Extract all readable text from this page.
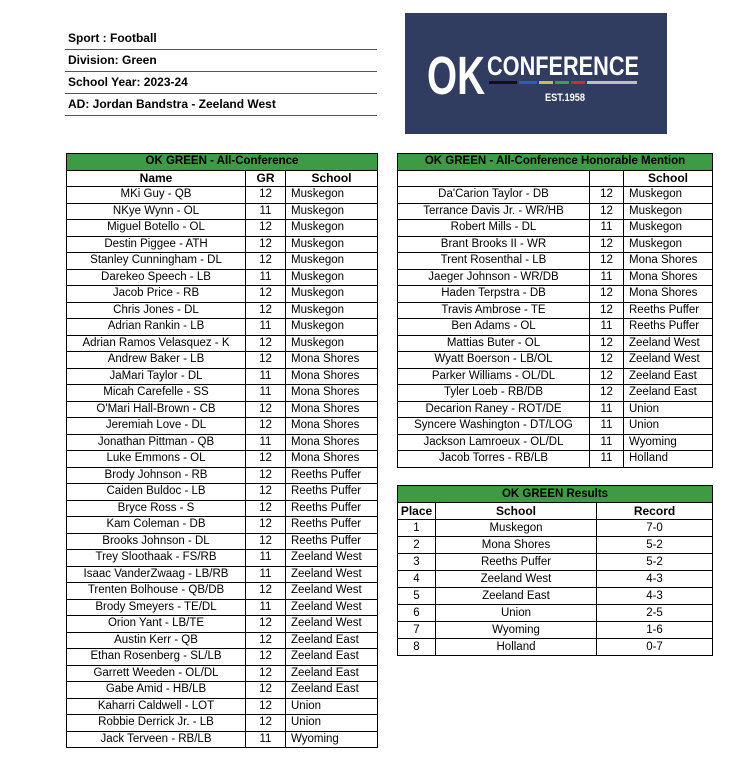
Sport : Football
Division: Green
School Year: 2023-24
AD: Jordan Bandstra - Zeeland West	OK CONFERENCE
EST.1958
OK GREEN - All-Conference		
Name	GR	School
MKi Guy - QB	12	Muskegon
NKye Wynn - OL	11	Muskegon
Miguel Botello - OL	12	Muskegon
Destin Piggee - ATH	12	Muskegon
Stanley Cunningham - DL	12	Muskegon
Darekeo Speech - LB	11	Muskegon
Jacob Price - RB	12	Muskegon
Chris Jones - DL	12	Muskegon
Adrian Rankin - LB	11	Muskegon
Adrian Ramos Velasquez - K	12	Muskegon
Andrew Baker - LB	12	Mona Shores
JaMari Taylor - DL	11	Mona Shores
Micah Carefelle - SS	11	Mona Shores
O'Mari Hall-Brown - CB	12	Mona Shores
Jeremiah Love - DL	12	Mona Shores
Jonathan Pittman - QB	11	Mona Shores
Luke Emmons - OL	12	Mona Shores
Brody Johnson - RB	12	Reeths Puffer
Caiden Buldoc - LB	12	Reeths Puffer
Bryce Ross - S	12	Reeths Puffer
Kam Coleman - DB	12	Reeths Puffer
Brooks Johnson - DL	12	Reeths Puffer
Trey Sloothaak - FS/RB	11	Zeeland West
Isaac VanderZwaag - LB/RB	11	Zeeland West
Trenten Bolhouse - QB/DB	12	Zeeland West
Brody Smeyers - TE/DL	11	Zeeland West
Orion Yant - LB/TE	12	Zeeland West
Austin Kerr - QB	12	Zeeland East
Ethan Rosenberg - SL/LB	12	Zeeland East
Garrett Weeden - OL/DL	12	Zeeland East
Gabe Amid - HB/LB	12	Zeeland East
Kaharri Caldwell - LOT	12	Union
Robbie Derrick Jr. - LB	12	Union
Jack Terveen - RB/LB	11	Wyoming
OK GREEN - All-Conference Honorable Mention		
		School
Da'Carion Taylor - DB	12	Muskegon
Terrance Davis Jr. - WR/HB	12	Muskegon
Robert Mills - DL	11	Muskegon
Brant Brooks II - WR	12	Muskegon
Trent Rosenthal - LB	12	Mona Shores
Jaeger Johnson - WR/DB	11	Mona Shores
Haden Terpstra - DB	12	Mona Shores
Travis Ambrose - TE	12	Reeths Puffer
Ben Adams - OL	11	Reeths Puffer
Mattias Buter - OL	12	Zeeland West
Wyatt Boerson - LB/OL	12	Zeeland West
Parker Williams - OL/DL	12	Zeeland East
Tyler Loeb - RB/DB	12	Zeeland East
Decarion Raney - ROT/DE	11	Union
Syncere Washington - DT/LOG	11	Union
Jackson Lamroeux - OL/DL	11	Wyoming
Jacob Torres - RB/LB	11	Holland
OK GREEN Results		
Place	School	Record
1	Muskegon	7-0
2	Mona Shores	5-2
3	Reeths Puffer	5-2
4	Zeeland West	4-3
5	Zeeland East	4-3
6	Union	2-5
7	Wyoming	1-6
8	Holland	0-7
